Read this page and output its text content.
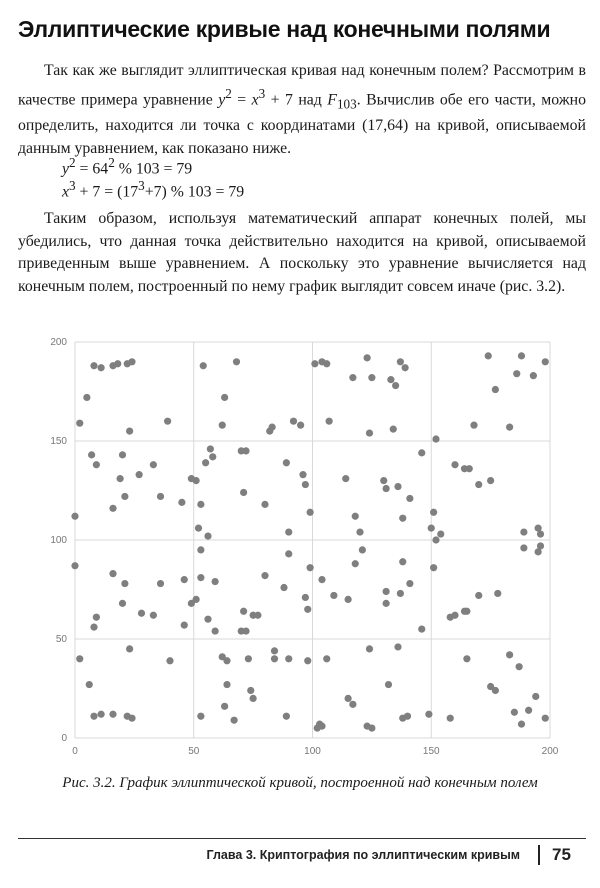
Эллиптические кривые над конечными полями

Так как же выглядит эллиптическая кривая над конечным полем? Рассмотрим в качестве примера уравнение $y^2 = x^3 + 7$ над $F_{103}$. Вычислив обе его части, можно определить, находится ли точка с координатами (17,64) на кривой, описываемой данным уравнением, как показано ниже.

$y^2 = 64^2$ % 103 = 79

$x^3 + 7 = (17^3+7)$ % 103 = 79

Таким образом, используя математический аппарат конечных полей, мы убедились, что данная точка действительно находится на кривой, описываемой приведенным выше уравнением. А поскольку это уравнение вычисляется над конечным полем, построенный по нему график выглядит совсем иначе (рис. 3.2).

0	50	100	150	200
0
50
100
150
200

Рис. 3.2. График эллиптической кривой, построенной над конечным полем

Глава 3. Криптография по эллиптическим кривым 75
